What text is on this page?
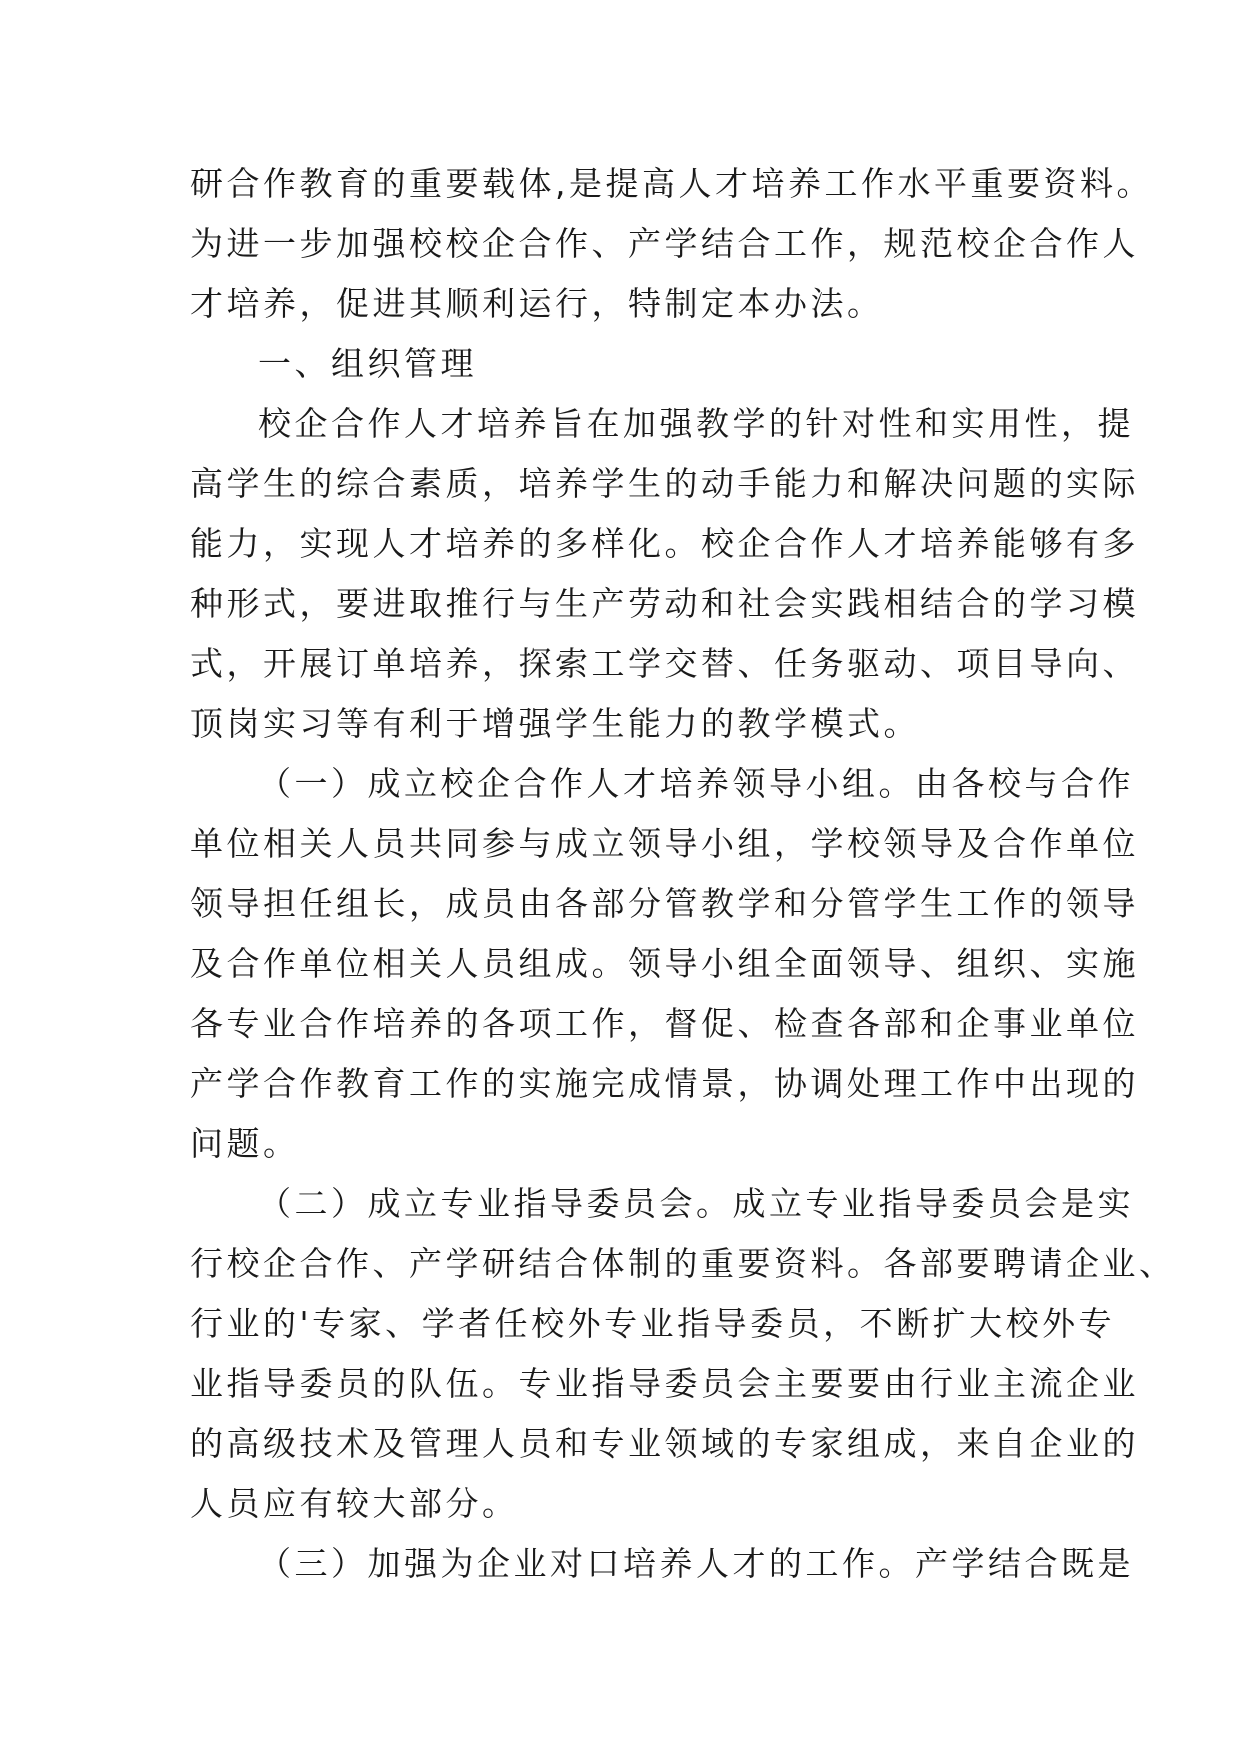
研合作教育的重要载体,是提高人才培养工作水平重要资料。
为进一步加强校校企合作、产学结合工作，规范校企合作人
才培养，促进其顺利运行，特制定本办法。
一、组织管理
校企合作人才培养旨在加强教学的针对性和实用性，提
高学生的综合素质，培养学生的动手能力和解决问题的实际
能力，实现人才培养的多样化。校企合作人才培养能够有多
种形式，要进取推行与生产劳动和社会实践相结合的学习模
式，开展订单培养，探索工学交替、任务驱动、项目导向、
顶岗实习等有利于增强学生能力的教学模式。
（一）成立校企合作人才培养领导小组。由各校与合作
单位相关人员共同参与成立领导小组，学校领导及合作单位
领导担任组长，成员由各部分管教学和分管学生工作的领导
及合作单位相关人员组成。领导小组全面领导、组织、实施
各专业合作培养的各项工作，督促、检查各部和企事业单位
产学合作教育工作的实施完成情景，协调处理工作中出现的
问题。
（二）成立专业指导委员会。成立专业指导委员会是实
行校企合作、产学研结合体制的重要资料。各部要聘请企业、
行业的'专家、学者任校外专业指导委员，不断扩大校外专
业指导委员的队伍。专业指导委员会主要要由行业主流企业
的高级技术及管理人员和专业领域的专家组成，来自企业的
人员应有较大部分。
（三）加强为企业对口培养人才的工作。产学结合既是
